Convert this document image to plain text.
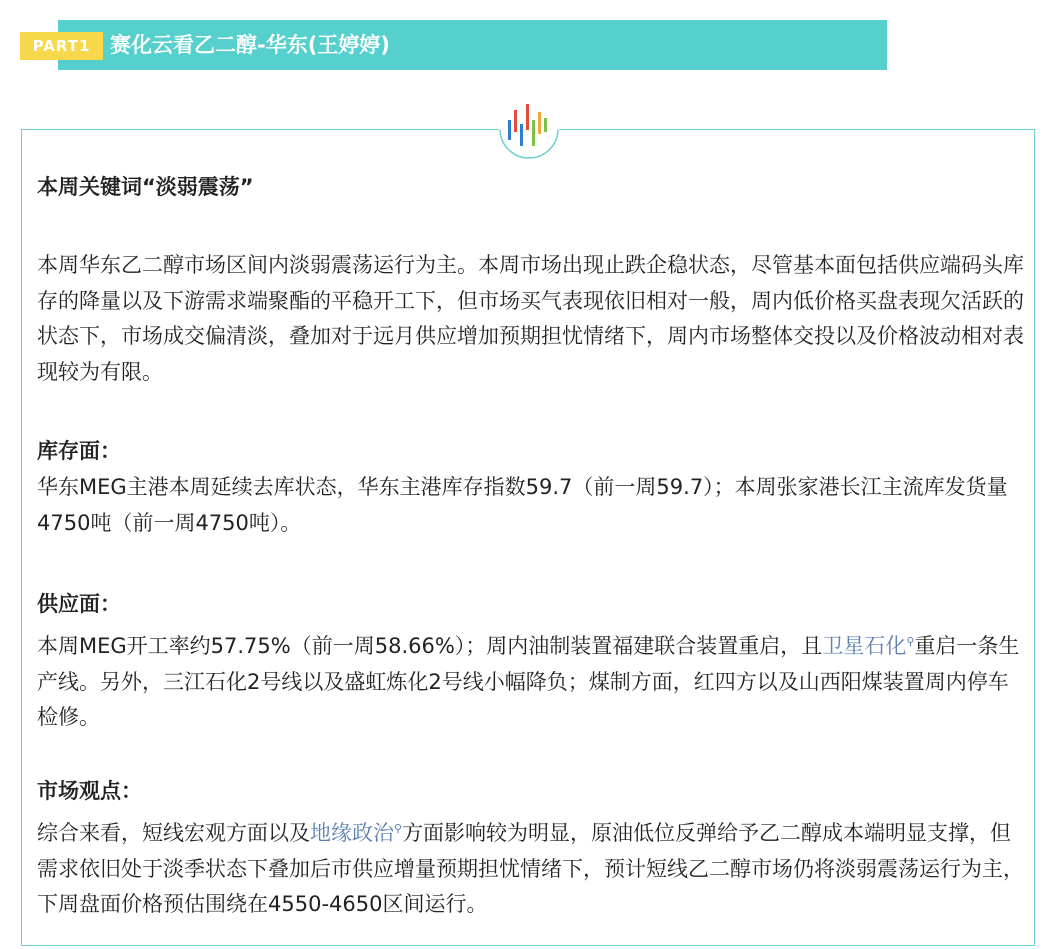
PART1 赛化云看乙二醇-华东(王婷婷)

本周关键词“淡弱震荡”

本周华东乙二醇市场区间内淡弱震荡运行为主。本周市场出现止跌企稳状态，尽管基本面包括供应端码头库存的降量以及下游需求端聚酯的平稳开工下，但市场买气表现依旧相对一般，周内低价格买盘表现欠活跃的状态下，市场成交偏清淡，叠加对于远月供应增加预期担忧情绪下，周内市场整体交投以及价格波动相对表现较为有限。

库存面：

华东MEG主港本周延续去库状态，华东主港库存指数59.7（前一周59.7）；本周张家港长江主流库发货量4750吨（前一周4750吨）。

供应面：

本周MEG开工率约57.75%（前一周58.66%）；周内油制装置福建联合装置重启，且卫星石化⚲重启一条生产线。另外，三江石化2号线以及盛虹炼化2号线小幅降负；煤制方面，红四方以及山西阳煤装置周内停车检修。

市场观点：

综合来看，短线宏观方面以及地缘政治⚲方面影响较为明显，原油低位反弹给予乙二醇成本端明显支撑，但需求依旧处于淡季状态下叠加后市供应增量预期担忧情绪下，预计短线乙二醇市场仍将淡弱震荡运行为主，下周盘面价格预估围绕在4550-4650区间运行。
